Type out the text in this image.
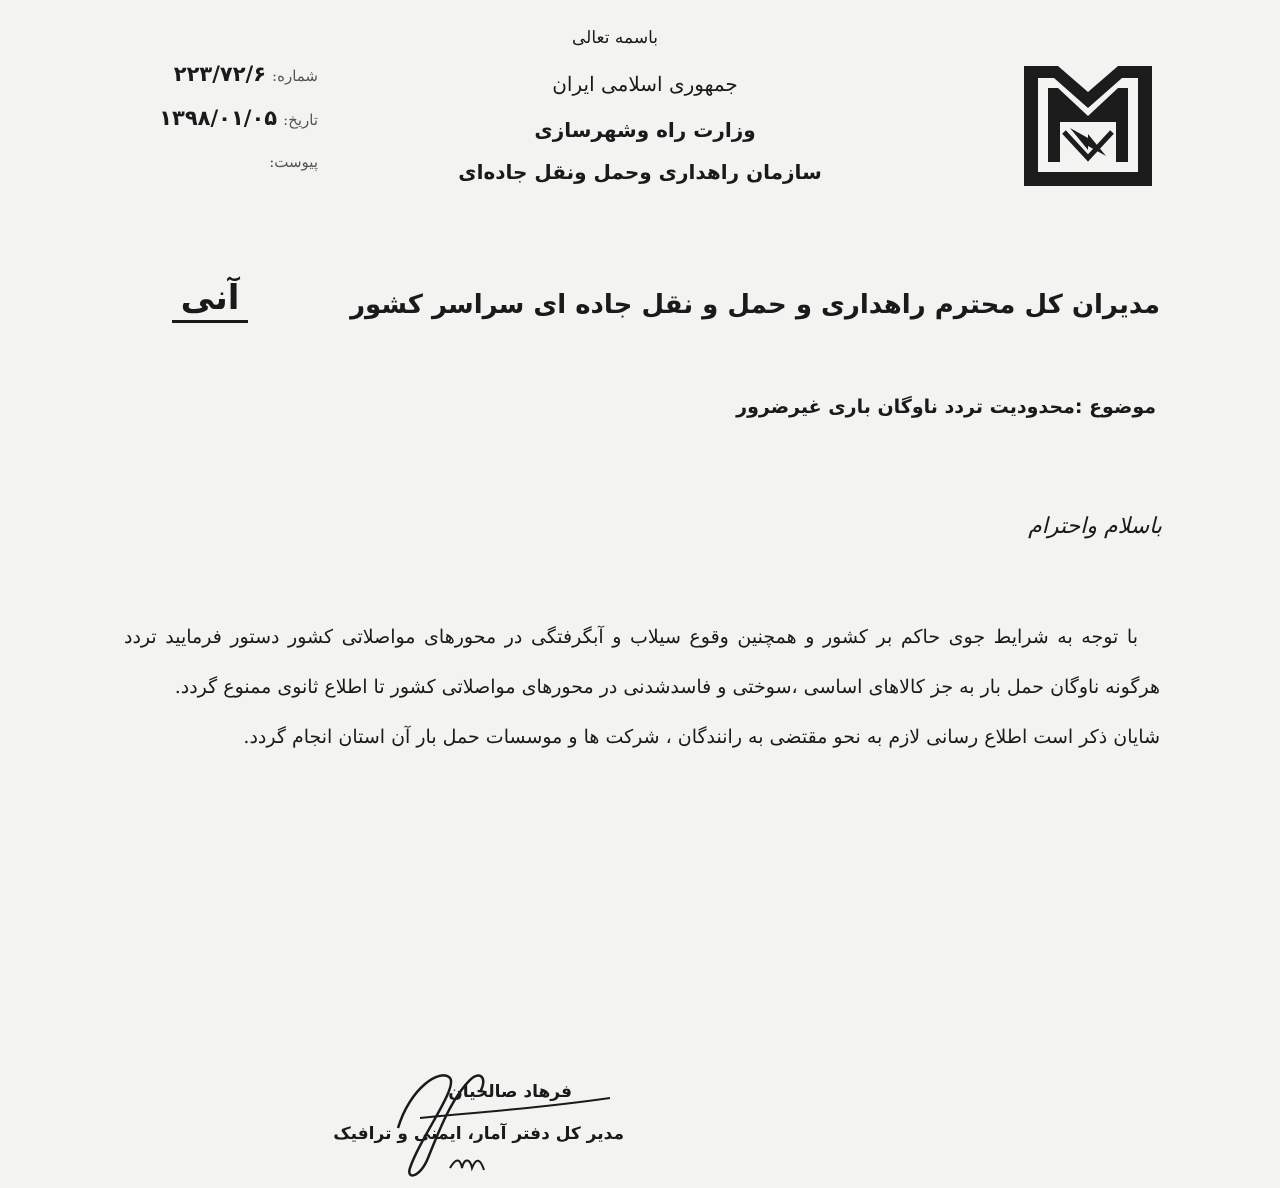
باسمه تعالی
جمهوری اسلامی ایران
وزارت راه وشهرسازی
سازمان راهداری وحمل ونقل جاده‌ای
شماره:۲۲۳/۷۲/۶
تاریخ:۱۳۹۸/۰۱/۰۵
پیوست:
مدیران کل محترم راهداری و حمل و نقل جاده ای سراسر کشور
آنی
موضوع :محدودیت تردد ناوگان باری غیرضرور
باسلام واحترام

با توجه به شرایط جوی حاکم بر کشور و همچنین وقوع سیلاب و آبگرفتگی در محورهای مواصلاتی کشور دستور فرمایید تردد هرگونه ناوگان حمل بار به جز کالاهای اساسی ،سوختی و فاسدشدنی در محورهای مواصلاتی کشور تا اطلاع ثانوی ممنوع گردد.

شایان ذکر است اطلاع رسانی لازم به نحو مقتضی به رانندگان ، شرکت ها و موسسات حمل بار آن استان انجام گردد.

فرهاد صالحیان
مدیر کل دفتر آمار، ایمنی و ترافیک
